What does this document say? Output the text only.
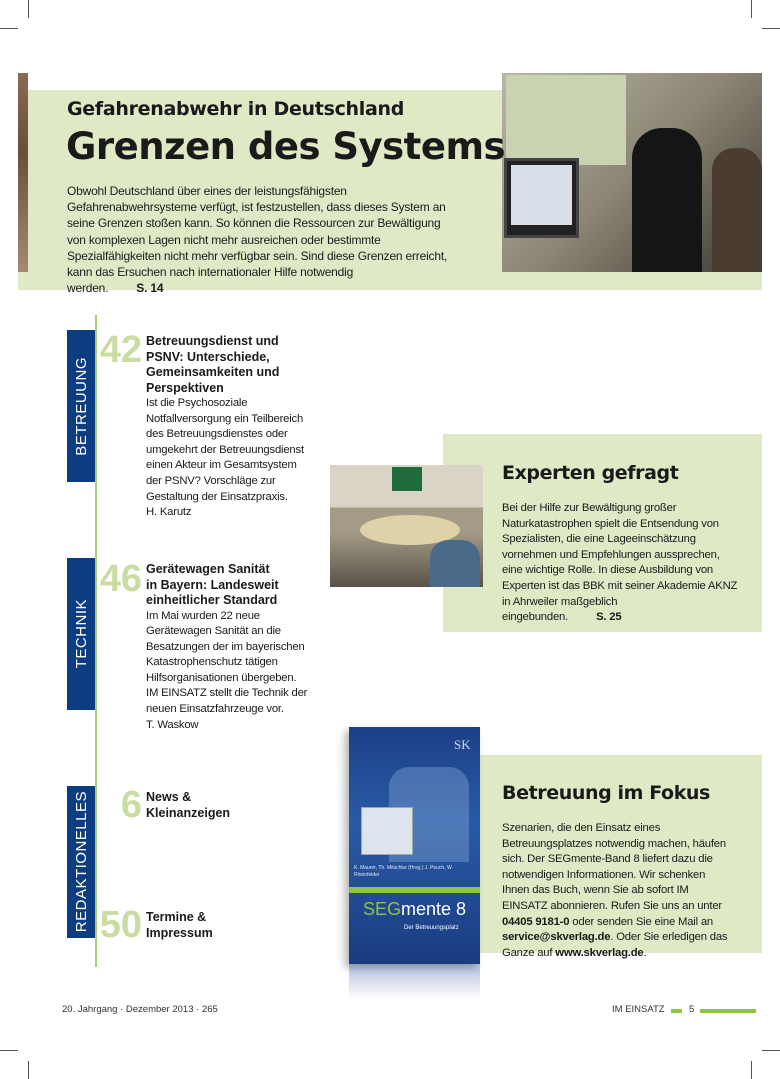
Gefahrenabwehr in Deutschland
Grenzen des Systems
Obwohl Deutschland über eines der leistungsfähigsten Gefahrenabwehrsysteme verfügt, ist festzustellen, dass dieses System an seine Grenzen stoßen kann. So können die Ressourcen zur Bewältigung von komplexen Lagen nicht mehr ausreichen oder bestimmte Spezialfähigkeiten nicht mehr verfügbar sein. Sind diese Grenzen erreicht, kann das Ersuchen nach internationaler Hilfe notwendig werden. S. 14
BETREUUNG
TECHNIK
REDAKTIONELLES
42 Betreuungsdienst und PSNV: Unterschiede, Gemeinsamkeiten und Perspektiven
Ist die Psychosoziale Notfallversorgung ein Teilbereich des Betreuungsdienstes oder umgekehrt der Betreuungsdienst einen Akteur im Gesamtsystem der PSNV? Vorschläge zur Gestaltung der Einsatzpraxis.
H. Karutz
46 Gerätewagen Sanität in Bayern: Landesweit einheitlicher Standard
Im Mai wurden 22 neue Gerätewagen Sanität an die Besatzungen der im bayerischen Katastrophenschutz tätigen Hilfsorganisationen übergeben. IM EINSATZ stellt die Technik der neuen Einsatzfahrzeuge vor.
T. Waskow
6 News & Kleinanzeigen
50 Termine & Impressum
Experten gefragt
Bei der Hilfe zur Bewältigung großer Naturkatastrophen spielt die Entsendung von Spezialisten, die eine Lageeinschätzung vornehmen und Empfehlungen aussprechen, eine wichtige Rolle. In diese Ausbildung von Experten ist das BBK mit seiner Akademie AKNZ in Ahrweiler maßgeblich eingebunden. S. 25
Betreuung im Fokus
Szenarien, die den Einsatz eines Betreuungsplatzes notwendig machen, häufen sich. Der SEGmente-Band 8 liefert dazu die notwendigen Informationen. Wir schenken Ihnen das Buch, wenn Sie ab sofort IM EINSATZ abonnieren. Rufen Sie uns an unter 04405 9181-0 oder senden Sie eine Mail an service@skverlag.de. Oder Sie erledigen das Ganze auf www.skverlag.de.
SK
K. Maurer, Th. Mitschke (Hrsg.) J. Peuch, W. Rheinfelder
SEGmente 8
Der Betreuungsplatz
20. Jahrgang · Dezember 2013 · 265	IM EINSATZ	5
